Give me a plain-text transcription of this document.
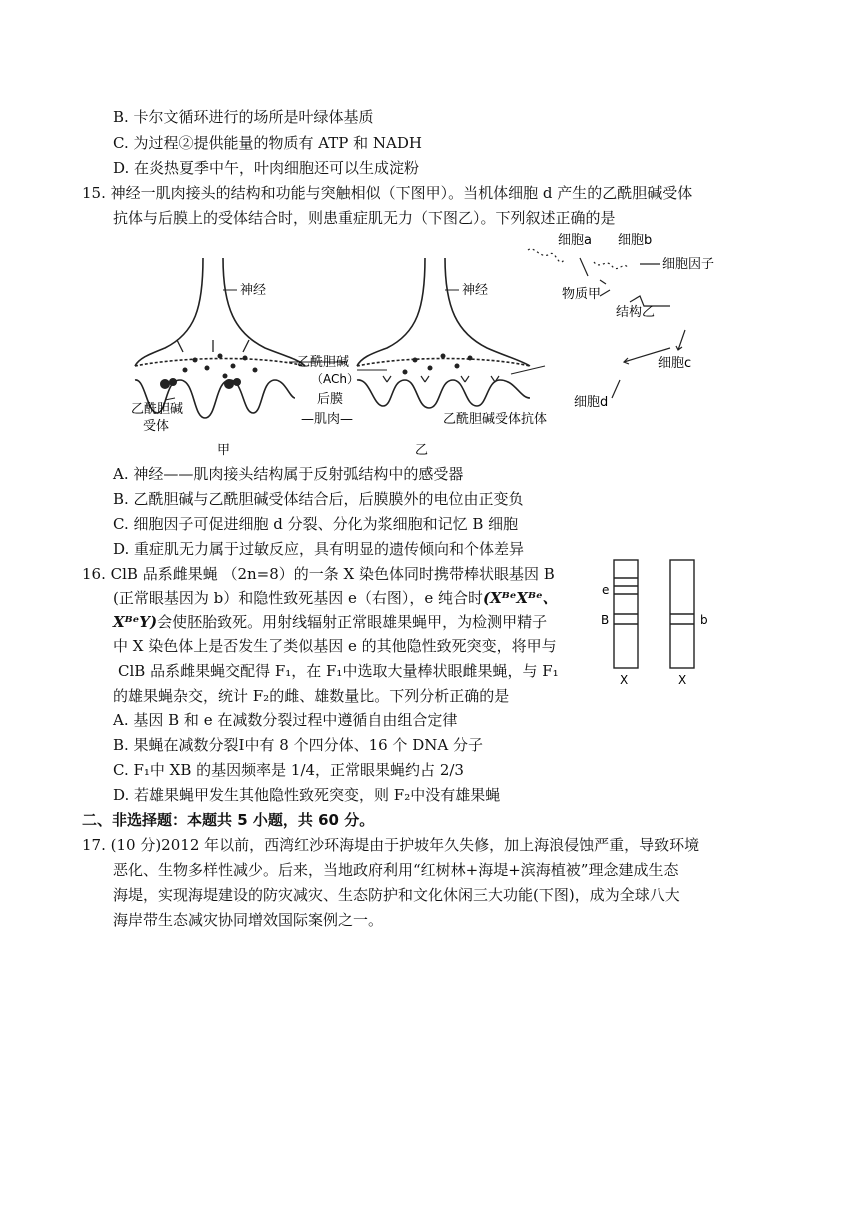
B. 卡尔文循环进行的场所是叶绿体基质
C. 为过程②提供能量的物质有 ATP 和 NADH
D. 在炎热夏季中午，叶肉细胞还可以生成淀粉
15. 神经一肌肉接头的结构和功能与突触相似（下图甲）。当机体细胞 d 产生的乙酰胆碱受体
抗体与后膜上的受体结合时，则患重症肌无力（下图乙）。下列叙述正确的是
神经	神经
乙酰胆碱
（ACh）
后膜
—肌肉—
乙酰胆碱
受体	乙酰胆碱受体抗体
甲	乙
细胞a 细胞b
细胞因子
物质甲
结构乙
细胞c
细胞d
A. 神经——肌肉接头结构属于反射弧结构中的感受器
B. 乙酰胆碱与乙酰胆碱受体结合后，后膜膜外的电位由正变负
C. 细胞因子可促进细胞 d 分裂、分化为浆细胞和记忆 B 细胞
D. 重症肌无力属于过敏反应，具有明显的遗传倾向和个体差异
16. ClB 品系雌果蝇 （2n=8）的一条 X 染色体同时携带棒状眼基因 B
(正常眼基因为 b）和隐性致死基因 e（右图），e 纯合时(XᴮᵉXᴮᵉ、
XᴮᵉY)会使胚胎致死。用射线辐射正常眼雄果蝇甲，为检测甲精子
中 X 染色体上是否发生了类似基因 e 的其他隐性致死突变，将甲与
ClB 品系雌果蝇交配得 F₁，在 F₁中选取大量棒状眼雌果蝇，与 F₁
的雄果蝇杂交，统计 F₂的雌、雄数量比。下列分析正确的是
e
B	b
X	X
A. 基因 B 和 e 在减数分裂过程中遵循自由组合定律
B. 果蝇在减数分裂Ⅰ中有 8 个四分体、16 个 DNA 分子
C. F₁中 XB 的基因频率是 1/4，正常眼果蝇约占 2/3
D. 若雄果蝇甲发生其他隐性致死突变，则 F₂中没有雄果蝇
二、非选择题：本题共 5 小题，共 60 分。
17. (10 分)2012 年以前，西湾红沙环海堤由于护坡年久失修，加上海浪侵蚀严重，导致环境
恶化、生物多样性减少。后来，当地政府利用“红树林+海堤+滨海植被”理念建成生态
海堤，实现海堤建设的防灾减灾、生态防护和文化休闲三大功能(下图)，成为全球八大
海岸带生态减灾协同增效国际案例之一。
